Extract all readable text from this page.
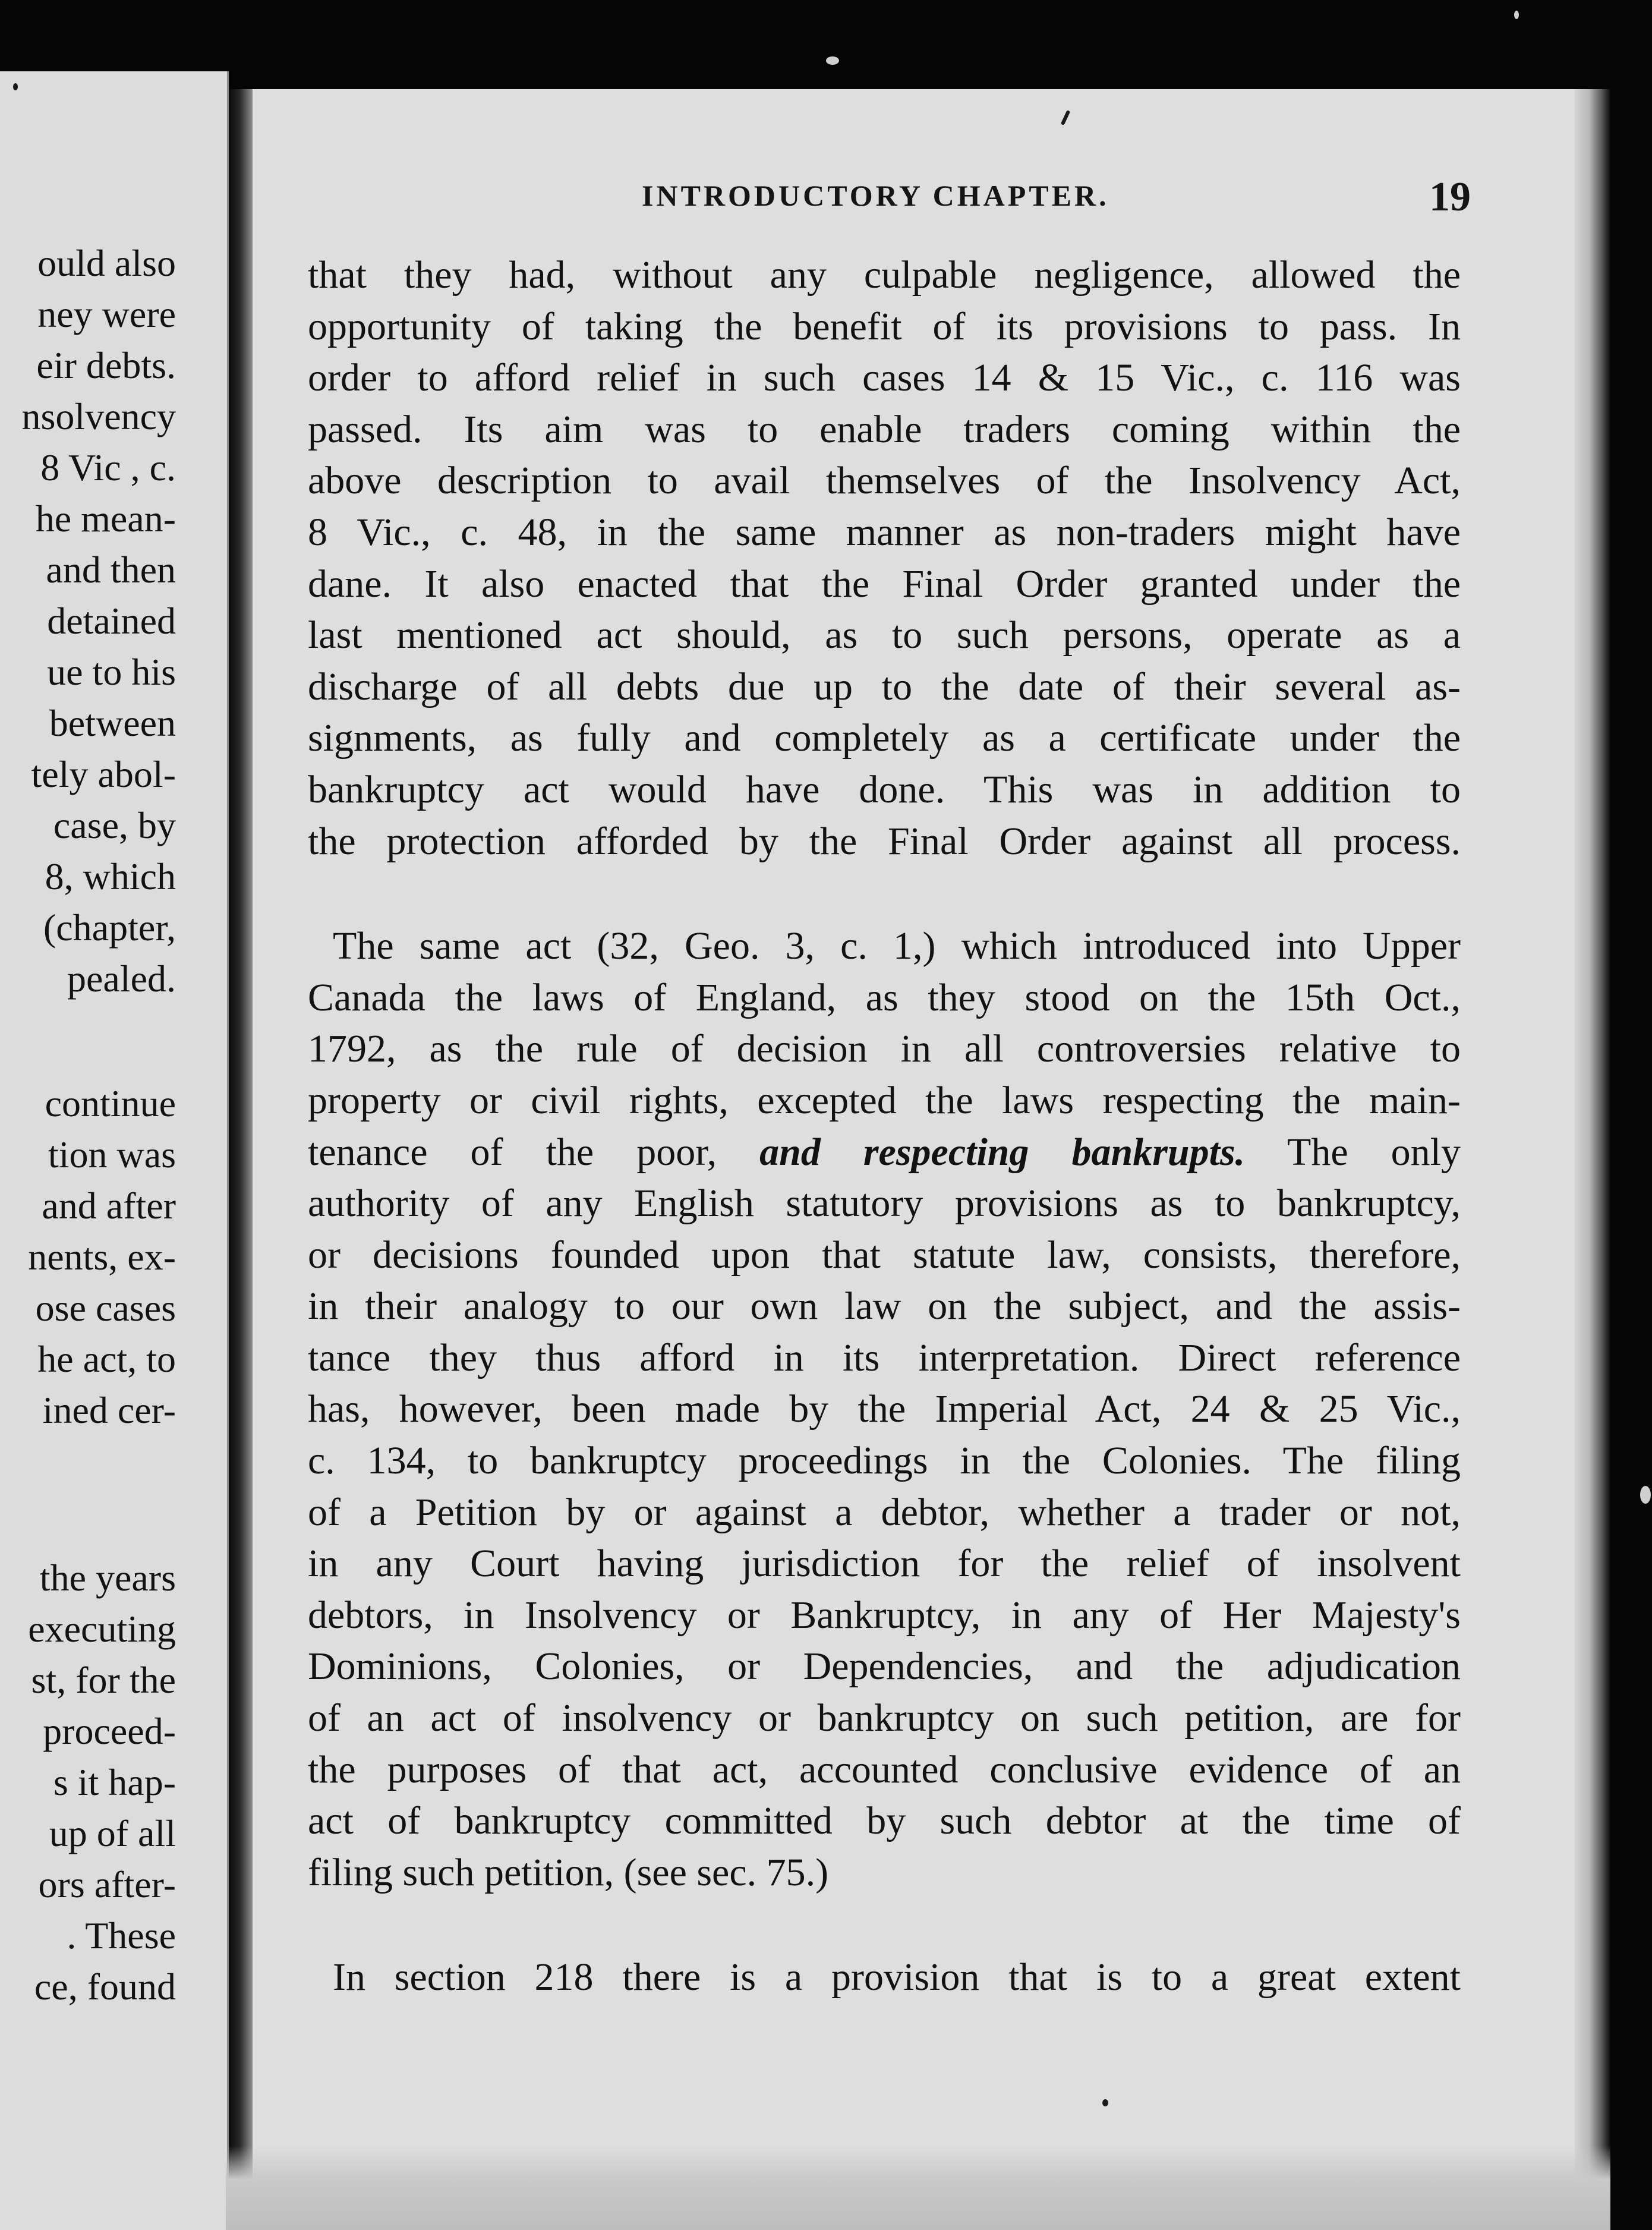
ould also
ney were
eir debts.
nsolvency
8 Vic , c.
he mean-
and then
detained
ue to his
between
tely abol-
case, by
8, which
(chapter,
pealed.
continue
tion was
and after
nents, ex-
ose cases
he act, to
ined cer-
the years
executing
st, for the
proceed-
s it hap-
up of all
ors after-
. These
ce, found
INTRODUCTORY CHAPTER.	19
that they had, without any culpable negligence, allowed the
opportunity of taking the benefit of its provisions to pass. In
order to afford relief in such cases 14 & 15 Vic., c. 116 was
passed. Its aim was to enable traders coming within the
above description to avail themselves of the Insolvency Act,
8 Vic., c. 48, in the same manner as non-traders might have
dane. It also enacted that the Final Order granted under the
last mentioned act should, as to such persons, operate as a
discharge of all debts due up to the date of their several as-
signments, as fully and completely as a certificate under the
bankruptcy act would have done. This was in addition to
the protection afforded by the Final Order against all process.
The same act (32, Geo. 3, c. 1,) which introduced into Upper
Canada the laws of England, as they stood on the 15th Oct.,
1792, as the rule of decision in all controversies relative to
property or civil rights, excepted the laws respecting the main-
tenance of the poor, and respecting bankrupts. The only
authority of any English statutory provisions as to bankruptcy,
or decisions founded upon that statute law, consists, therefore,
in their analogy to our own law on the subject, and the assis-
tance they thus afford in its interpretation. Direct reference
has, however, been made by the Imperial Act, 24 & 25 Vic.,
c. 134, to bankruptcy proceedings in the Colonies. The filing
of a Petition by or against a debtor, whether a trader or not,
in any Court having jurisdiction for the relief of insolvent
debtors, in Insolvency or Bankruptcy, in any of Her Majesty's
Dominions, Colonies, or Dependencies, and the adjudication
of an act of insolvency or bankruptcy on such petition, are for
the purposes of that act, accounted conclusive evidence of an
act of bankruptcy committed by such debtor at the time of
filing such petition, (see sec. 75.)
In section 218 there is a provision that is to a great extent
